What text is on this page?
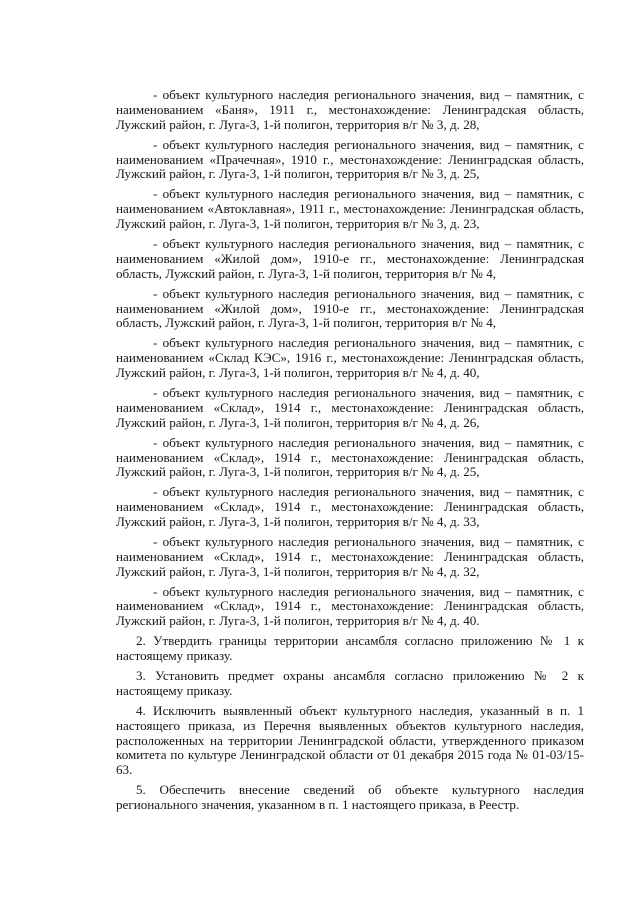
- объект культурного наследия регионального значения, вид – памятник, с наименованием «Баня», 1911 г., местонахождение: Ленинградская область, Лужский район, г. Луга-3, 1-й полигон, территория в/г № 3, д. 28,

- объект культурного наследия регионального значения, вид – памятник, с наименованием «Прачечная», 1910 г., местонахождение: Ленинградская область, Лужский район, г. Луга-3, 1-й полигон, территория в/г № 3, д. 25,

- объект культурного наследия регионального значения, вид – памятник, с наименованием «Автоклавная», 1911 г., местонахождение: Ленинградская область, Лужский район, г. Луга-3, 1-й полигон, территория в/г № 3, д. 23,

- объект культурного наследия регионального значения, вид – памятник, с наименованием «Жилой дом», 1910-е гг., местонахождение: Ленинградская область, Лужский район, г. Луга-3, 1-й полигон, территория в/г № 4,

- объект культурного наследия регионального значения, вид – памятник, с наименованием «Жилой дом», 1910-е гг., местонахождение: Ленинградская область, Лужский район, г. Луга-3, 1-й полигон, территория в/г № 4,

- объект культурного наследия регионального значения, вид – памятник, с наименованием «Склад КЭС», 1916 г., местонахождение: Ленинградская область, Лужский район, г. Луга-3, 1-й полигон, территория в/г № 4, д. 40,

- объект культурного наследия регионального значения, вид – памятник, с наименованием «Склад», 1914 г., местонахождение: Ленинградская область, Лужский район, г. Луга-3, 1-й полигон, территория в/г № 4, д. 26,

- объект культурного наследия регионального значения, вид – памятник, с наименованием «Склад», 1914 г., местонахождение: Ленинградская область, Лужский район, г. Луга-3, 1-й полигон, территория в/г № 4, д. 25,

- объект культурного наследия регионального значения, вид – памятник, с наименованием «Склад», 1914 г., местонахождение: Ленинградская область, Лужский район, г. Луга-3, 1-й полигон, территория в/г № 4, д. 33,

- объект культурного наследия регионального значения, вид – памятник, с наименованием «Склад», 1914 г., местонахождение: Ленинградская область, Лужский район, г. Луга-3, 1-й полигон, территория в/г № 4, д. 32,

- объект культурного наследия регионального значения, вид – памятник, с наименованием «Склад», 1914 г., местонахождение: Ленинградская область, Лужский район, г. Луга-3, 1-й полигон, территория в/г № 4, д. 40.

2. Утвердить границы территории ансамбля согласно приложению № 1 к настоящему приказу.

3. Установить предмет охраны ансамбля согласно приложению № 2 к настоящему приказу.

4. Исключить выявленный объект культурного наследия, указанный в п. 1 настоящего приказа, из Перечня выявленных объектов культурного наследия, расположенных на территории Ленинградской области, утвержденного приказом комитета по культуре Ленинградской области от 01 декабря 2015 года № 01-03/15-63.

5. Обеспечить внесение сведений об объекте культурного наследия регионального значения, указанном в п. 1 настоящего приказа, в Реестр.
